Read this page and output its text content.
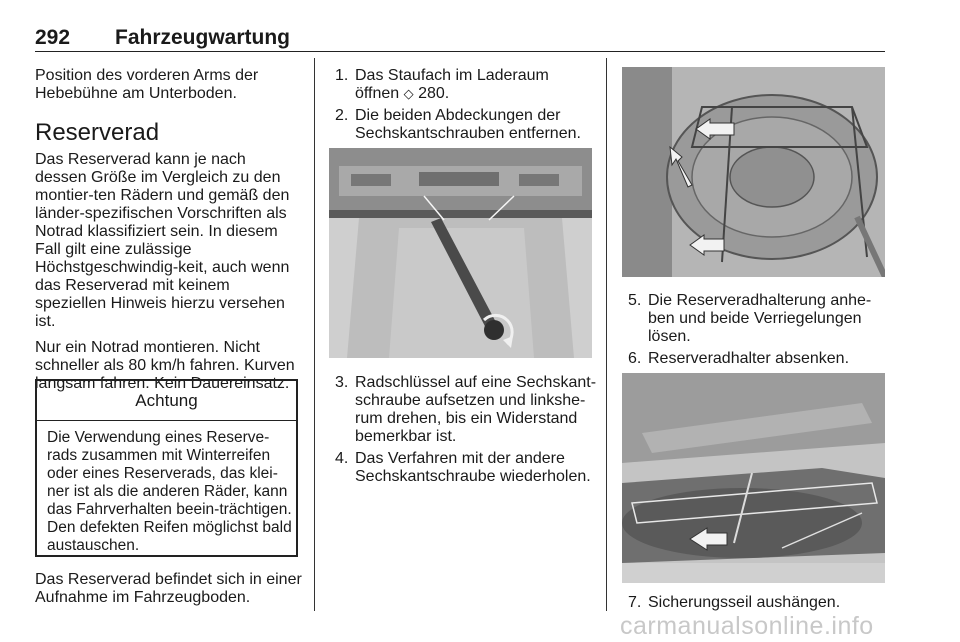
292 Fahrzeugwartung

Position des vorderen Arms der Hebebühne am Unterboden.

Reserverad

Das Reserverad kann je nach dessen Größe im Vergleich zu den montier-ten Rädern und gemäß den länder-spezifischen Vorschriften als Notrad klassifiziert sein. In diesem Fall gilt eine zulässige Höchstgeschwindig-keit, auch wenn das Reserverad mit keinem speziellen Hinweis hierzu versehen ist.

Nur ein Notrad montieren. Nicht schneller als 80 km/h fahren. Kurven langsam fahren. Kein Dauereinsatz.

Achtung
Die Verwendung eines Reserve-rads zusammen mit Winterreifen oder eines Reserverads, das klei-ner ist als die anderen Räder, kann das Fahrverhalten beein-trächtigen. Den defekten Reifen möglichst bald austauschen.
Das Reserverad befindet sich in einer Aufnahme im Fahrzeugboden.
1. Das Staufach im Laderaum öffnen ◇ 280.
2. Die beiden Abdeckungen der Sechskantschrauben entfernen.
3. Radschlüssel auf eine Sechskant-schraube aufsetzen und linkshe-rum drehen, bis ein Widerstand bemerkbar ist.
4. Das Verfahren mit der andere Sechskantschraube wiederholen.
5. Die Reserveradhalterung anhe-ben und beide Verriegelungen lösen.
6. Reserveradhalter absenken.
7. Sicherungsseil aushängen.
carmanualsonline.info
